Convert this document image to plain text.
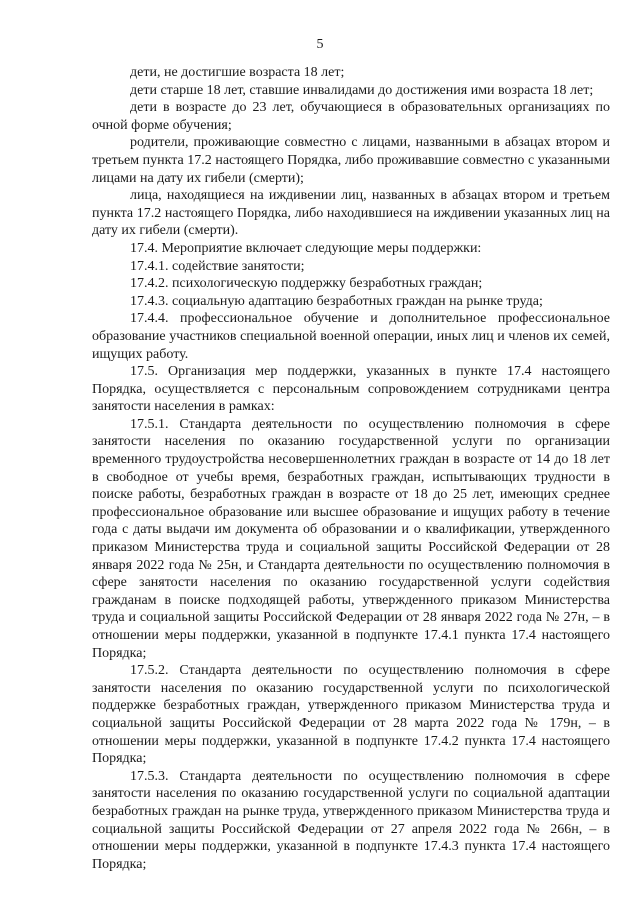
5

дети, не достигшие возраста 18 лет;

дети старше 18 лет, ставшие инвалидами до достижения ими возраста 18 лет;

дети в возрасте до 23 лет, обучающиеся в образовательных организациях по очной форме обучения;

родители, проживающие совместно с лицами, названными в абзацах втором и третьем пункта 17.2 настоящего Порядка, либо проживавшие совместно с указанными лицами на дату их гибели (смерти);

лица, находящиеся на иждивении лиц, названных в абзацах втором и третьем пункта 17.2 настоящего Порядка, либо находившиеся на иждивении указанных лиц на дату их гибели (смерти).

17.4. Мероприятие включает следующие меры поддержки:

17.4.1. содействие занятости;

17.4.2. психологическую поддержку безработных граждан;

17.4.3. социальную адаптацию безработных граждан на рынке труда;

17.4.4. профессиональное обучение и дополнительное профессиональное образование участников специальной военной операции, иных лиц и членов их семей, ищущих работу.

17.5. Организация мер поддержки, указанных в пункте 17.4 настоящего Порядка, осуществляется с персональным сопровождением сотрудниками центра занятости населения в рамках:

17.5.1. Стандарта деятельности по осуществлению полномочия в сфере занятости населения по оказанию государственной услуги по организации временного трудоустройства несовершеннолетних граждан в возрасте от 14 до 18 лет в свободное от учебы время, безработных граждан, испытывающих трудности в поиске работы, безработных граждан в возрасте от 18 до 25 лет, имеющих среднее профессиональное образование или высшее образование и ищущих работу в течение года с даты выдачи им документа об образовании и о квалификации, утвержденного приказом Министерства труда и социальной защиты Российской Федерации от 28 января 2022 года № 25н, и Стандарта деятельности по осуществлению полномочия в сфере занятости населения по оказанию государственной услуги содействия гражданам в поиске подходящей работы, утвержденного приказом Министерства труда и социальной защиты Российской Федерации от 28 января 2022 года № 27н, – в отношении меры поддержки, указанной в подпункте 17.4.1 пункта 17.4 настоящего Порядка;

17.5.2. Стандарта деятельности по осуществлению полномочия в сфере занятости населения по оказанию государственной услуги по психологической поддержке безработных граждан, утвержденного приказом Министерства труда и социальной защиты Российской Федерации от 28 марта 2022 года № 179н, – в отношении меры поддержки, указанной в подпункте 17.4.2 пункта 17.4 настоящего Порядка;

17.5.3. Стандарта деятельности по осуществлению полномочия в сфере занятости населения по оказанию государственной услуги по социальной адаптации безработных граждан на рынке труда, утвержденного приказом Министерства труда и социальной защиты Российской Федерации от 27 апреля 2022 года № 266н, – в отношении меры поддержки, указанной в подпункте 17.4.3 пункта 17.4 настоящего Порядка;
